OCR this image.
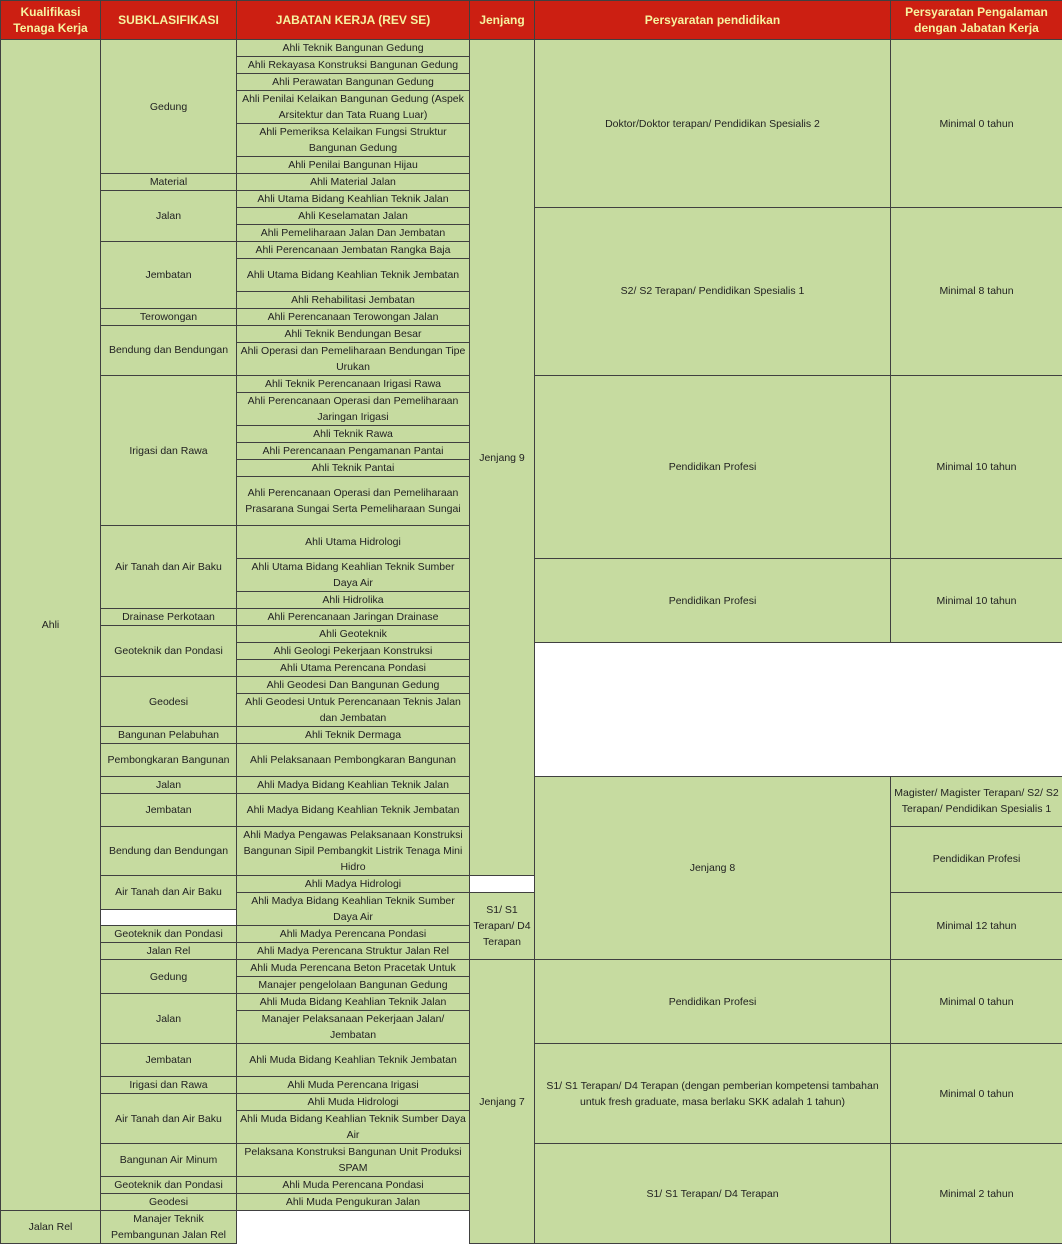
Kualifikasi Tenaga Kerja	SUBKLASIFIKASI	JABATAN KERJA (REV SE)	Jenjang	Persyaratan pendidikan	Persyaratan Pengalaman dengan Jabatan Kerja	
Ahli	Gedung	Ahli Teknik Bangunan Gedung	Jenjang 9	Doktor/Doktor terapan/ Pendidikan Spesialis 2	Minimal 0 tahun	
		Ahli Rekayasa Konstruksi Bangunan Gedung				
		Ahli Perawatan Bangunan Gedung				
		Ahli Penilai Kelaikan Bangunan Gedung (Aspek Arsitektur dan Tata Ruang Luar)				

		Ahli Pemeriksa Kelaikan Fungsi Struktur Bangunan Gedung				

		Ahli Penilai Bangunan Hijau				
	Material	Ahli Material Jalan				
	Jalan	Ahli Utama Bidang Keahlian Teknik Jalan				
		Ahli Keselamatan Jalan		S2/ S2 Terapan/ Pendidikan Spesialis 1	Minimal 8 tahun	
		Ahli Pemeliharaan Jalan Dan Jembatan				
	Jembatan	Ahli Perencanaan Jembatan Rangka Baja				
		Ahli Utama Bidang Keahlian Teknik Jembatan				

		Ahli Rehabilitasi Jembatan				
	Terowongan	Ahli Perencanaan Terowongan Jalan				
	Bendung dan Bendungan	Ahli Teknik Bendungan Besar				
		Ahli Operasi dan Pemeliharaan Bendungan Tipe Urukan				

	Irigasi dan Rawa	Ahli Teknik Perencanaan Irigasi Rawa		Pendidikan Profesi	Minimal 10 tahun	
		Ahli Perencanaan Operasi dan Pemeliharaan Jaringan Irigasi				

		Ahli Teknik Rawa				
		Ahli Perencanaan Pengamanan Pantai				
		Ahli Teknik Pantai				
		Ahli Perencanaan Operasi dan Pemeliharaan Prasarana Sungai Serta Pemeliharaan Sungai				

	Air Tanah dan Air Baku	Ahli Utama Hidrologi				

		Ahli Utama Bidang Keahlian Teknik Sumber Daya Air		Pendidikan Profesi	Minimal 10 tahun	

		Ahli Hidrolika				
	Drainase Perkotaan	Ahli Perencanaan Jaringan Drainase				
	Geoteknik dan Pondasi	Ahli Geoteknik		
		Ahli Geologi Pekerjaan Konstruksi				
		Ahli Utama Perencana Pondasi				
	Geodesi	Ahli Geodesi Dan Bangunan Gedung				
		Ahli Geodesi Untuk Perencanaan Teknis Jalan dan Jembatan				

	Bangunan Pelabuhan	Ahli Teknik Dermaga				
	Pembongkaran Bangunan	Ahli Pelaksanaan Pembongkaran Bangunan				

	Jalan	Ahli Madya Bidang Keahlian Teknik Jalan		Jenjang 8	Magister/ Magister Terapan/ S2/ S2 Terapan/ Pendidikan Spesialis 1	
	Jembatan	Ahli Madya Bidang Keahlian Teknik Jembatan				

	Bendung dan Bendungan	Ahli Madya Pengawas Pelaksanaan Konstruksi Bangunan Sipil Pembangkit Listrik Tenaga Mini Hidro			Pendidikan Profesi	

	Air Tanah dan Air Baku	Ahli Madya Hidrologi				
		Ahli Madya Bidang Keahlian Teknik Sumber Daya Air	S1/ S1 Terapan/ D4 Terapan		Minimal 12 tahun	

	Geoteknik dan Pondasi	Ahli Madya Perencana Pondasi				
	Jalan Rel	Ahli Madya Perencana Struktur Jalan Rel				
	Gedung	Ahli Muda Perencana Beton Pracetak Untuk	Jenjang 7	Pendidikan Profesi	Minimal 0 tahun	
		Manajer pengelolaan Bangunan Gedung				
	Jalan	Ahli Muda Bidang Keahlian Teknik Jalan				
		Manajer Pelaksanaan Pekerjaan Jalan/ Jembatan				

	Jembatan	Ahli Muda Bidang Keahlian Teknik Jembatan		S1/ S1 Terapan/ D4 Terapan (dengan pemberian kompetensi tambahan untuk fresh graduate, masa berlaku SKK adalah 1 tahun)	Minimal 0 tahun	

	Irigasi dan Rawa	Ahli Muda Perencana Irigasi				
	Air Tanah dan Air Baku	Ahli Muda Hidrologi				
		Ahli Muda Bidang Keahlian Teknik Sumber Daya Air				

	Bangunan Air Minum	Pelaksana Konstruksi Bangunan Unit Produksi SPAM		S1/ S1 Terapan/ D4 Terapan	Minimal 2 tahun	

	Geoteknik dan Pondasi	Ahli Muda Perencana Pondasi				
	Geodesi	Ahli Muda Pengukuran Jalan				
Jalan Rel	Manajer Teknik Pembangunan Jalan Rel					
